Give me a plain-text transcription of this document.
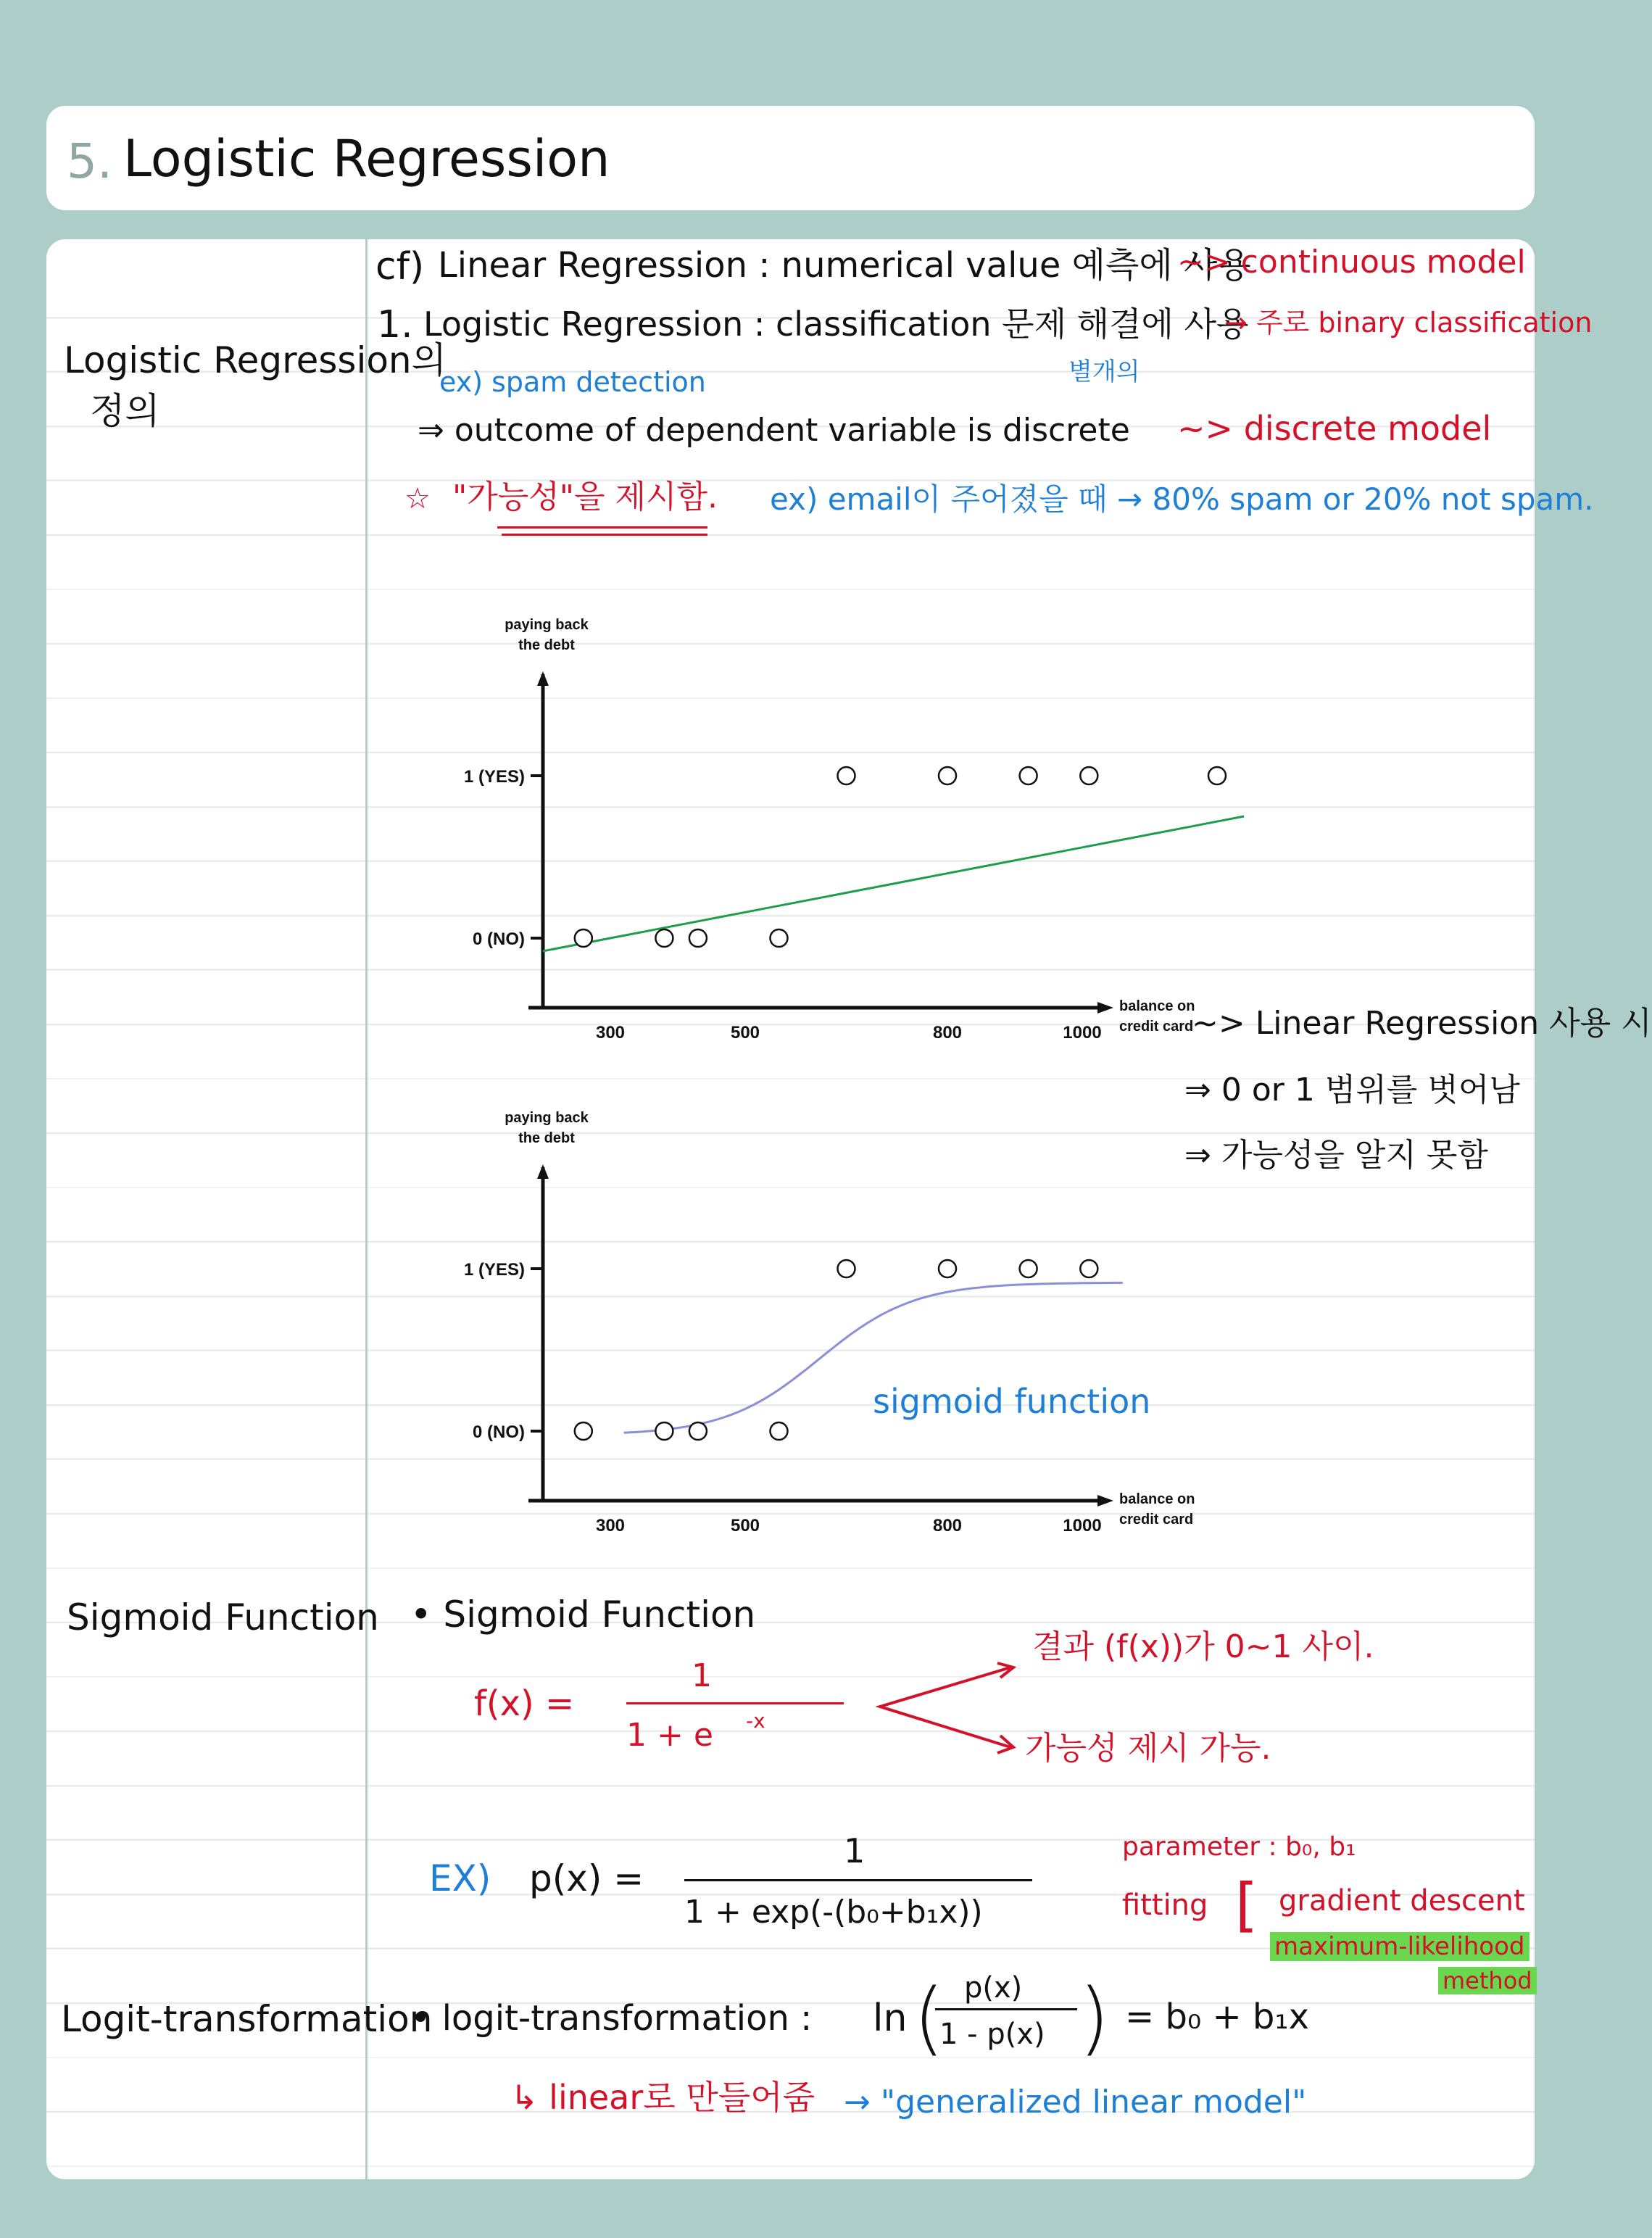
5. Logistic Regression
Logistic Regression의
정의
Sigmoid Function
Logit-transformation
cf) Linear Regression : numerical value 예측에 사용
~> continuous model
1. Logistic Regression : classification 문제 해결에 사용
→ 주로 binary classification
ex) spam detection	별개의
⇒ outcome of dependent variable is discrete ~> discrete model
☆ "가능성"을 제시함. ex) email이 주어졌을 때 → 80% spam or 20% not spam.
paying back
the debt
balance on
credit card
0 (NO)
1 (YES)
300	500	800	1000	~> Linear Regression 사용 시
⇒ 0 or 1 범위를 벗어남
⇒ 가능성을 알지 못함
paying back
the debt
balance on
credit card
0 (NO)
1 (YES)
300	500	800	1000
sigmoid function
• Sigmoid Function
f(x) =
1
1 + e -x
결과 (f(x))가 0~1 사이.
가능성 제시 가능.
EX) p(x) =
1
1 + exp(-(b₀+b₁x))
parameter : b₀, b₁
fitting [ gradient descent
maximum-likelihood
method
• logit-transformation : ln ( p(x)
1 - p(x) ) = b₀ + b₁x
↳ linear로 만들어줌 → "generalized linear model"
